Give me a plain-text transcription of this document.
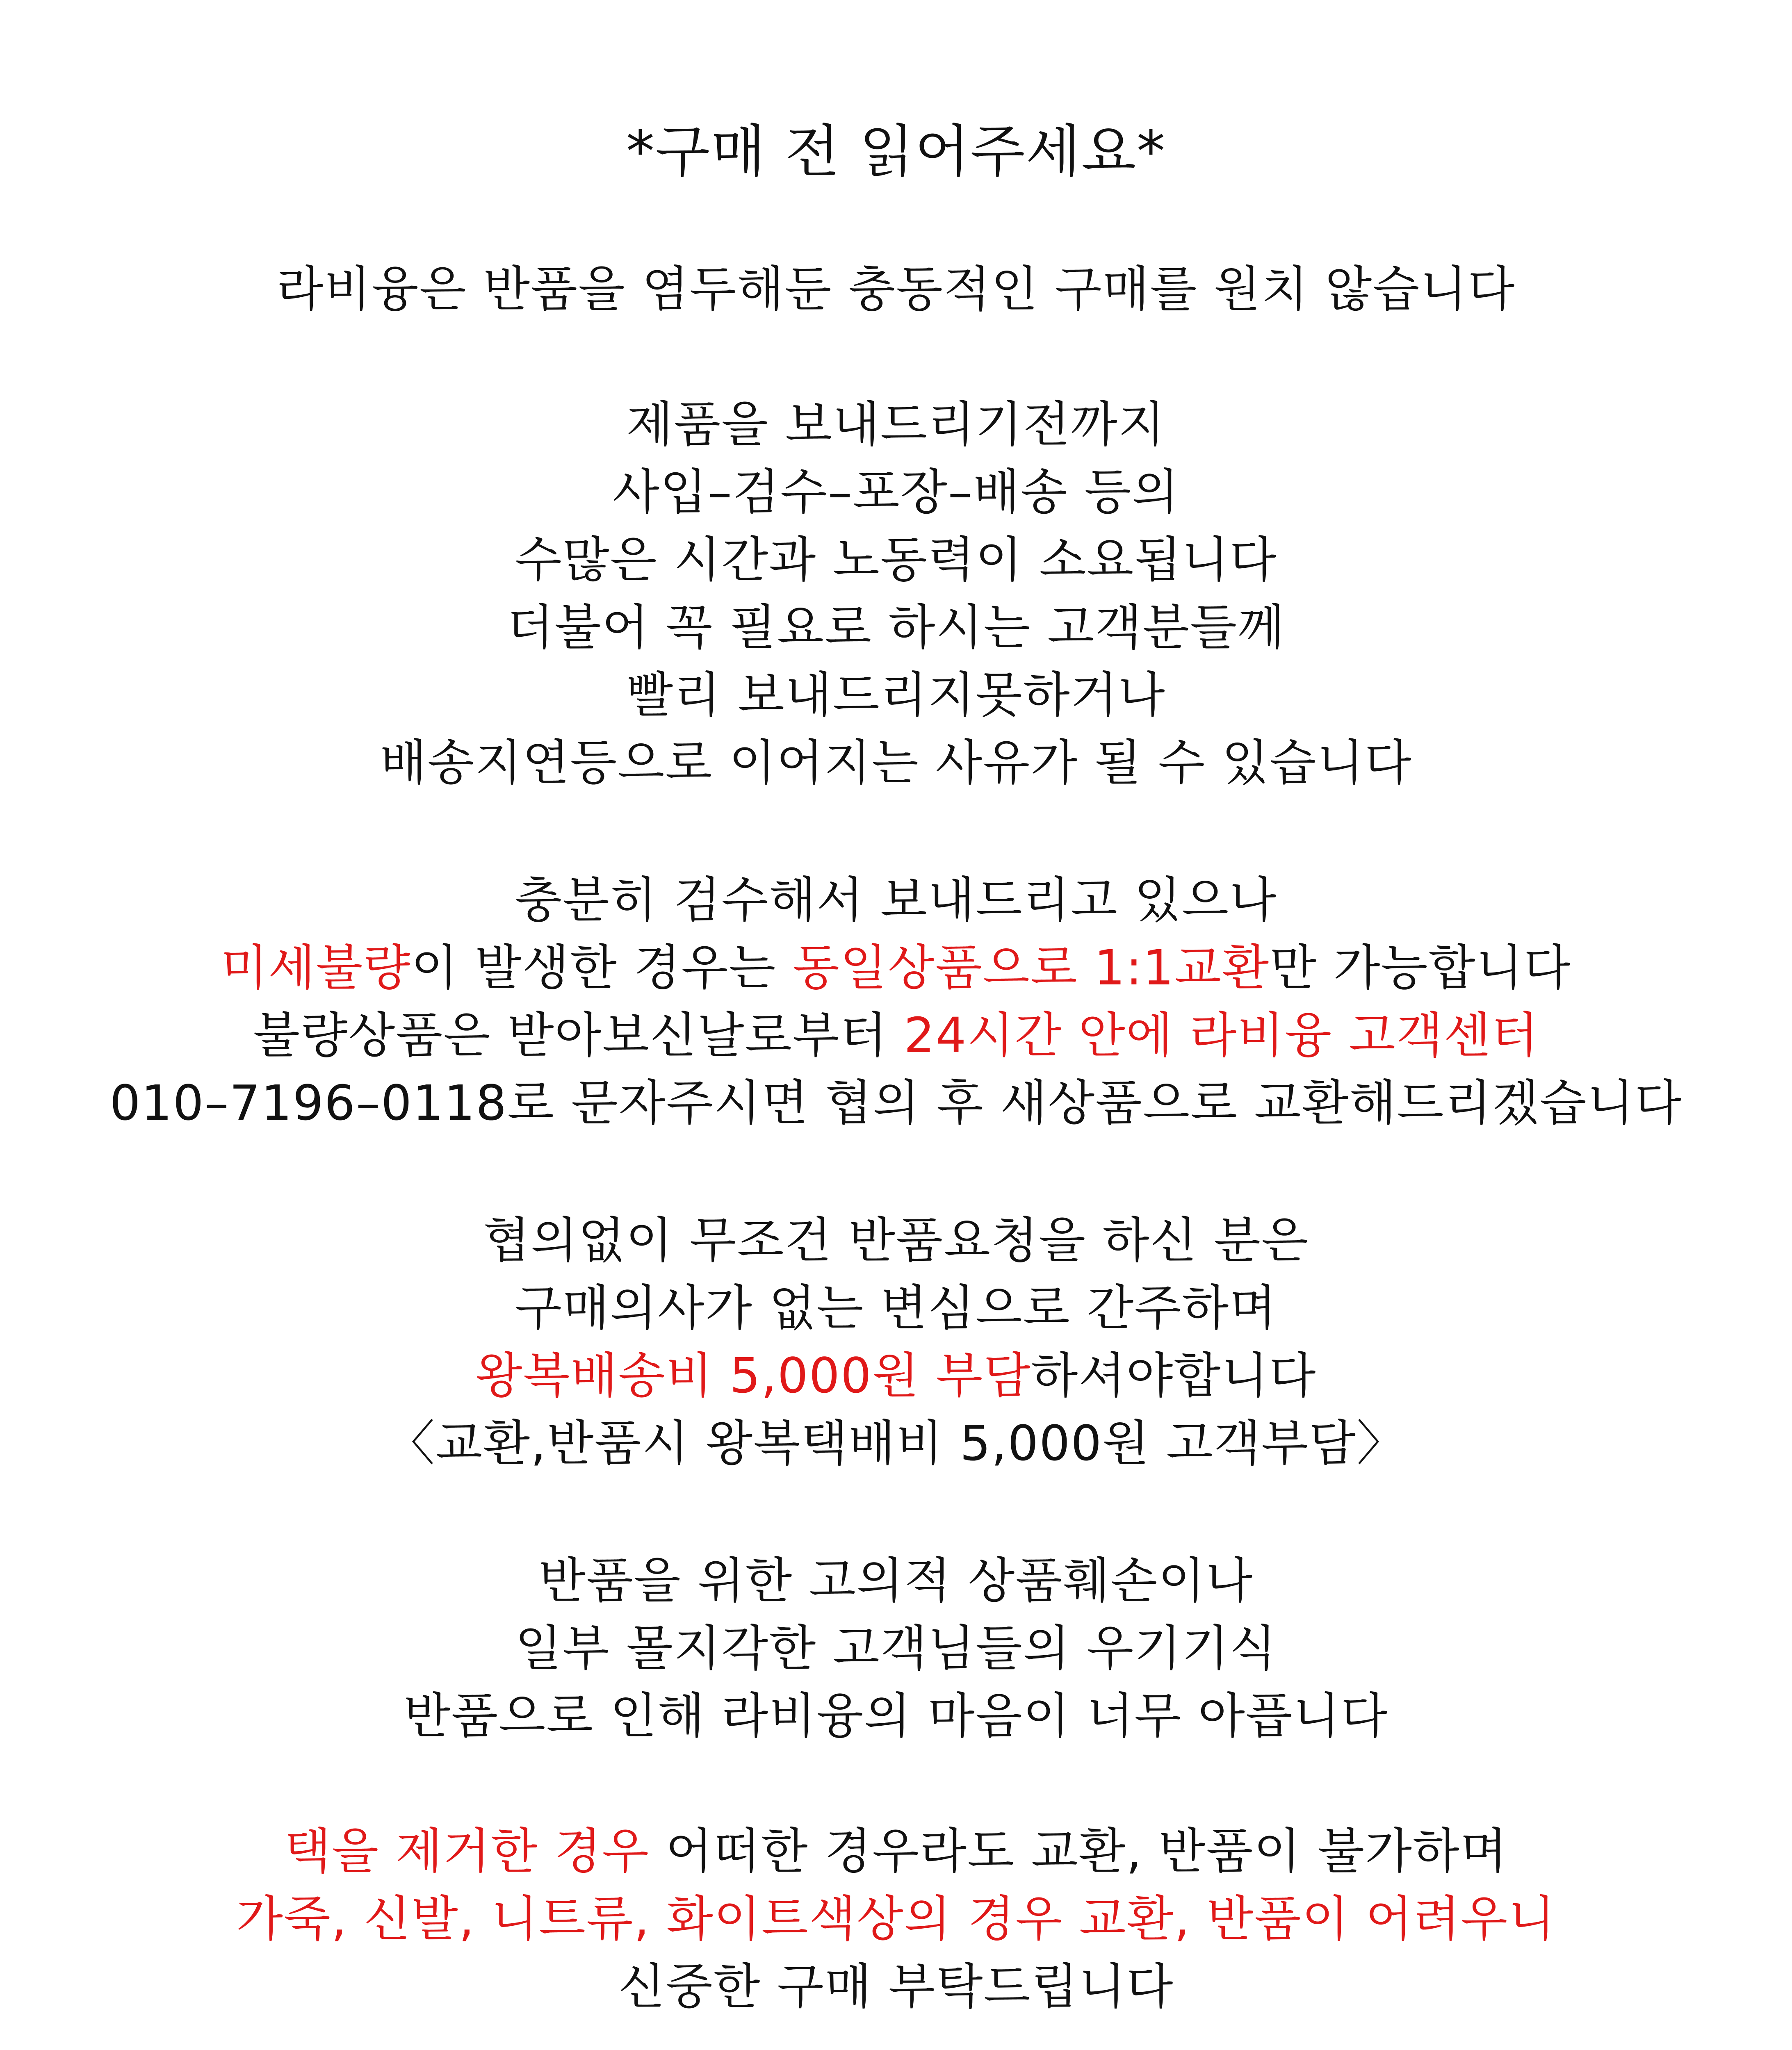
*구매 전 읽어주세요*
라비융은 반품을 염두해둔 충동적인 구매를 원치 않습니다
제품을 보내드리기전까지
사입–검수–포장–배송 등의
수많은 시간과 노동력이 소요됩니다
더불어 꼭 필요로 하시는 고객분들께
빨리 보내드리지못하거나
배송지연등으로 이어지는 사유가 될 수 있습니다
충분히 검수해서 보내드리고 있으나
미세불량이 발생한 경우는 동일상품으로 1:1교환만 가능합니다
불량상품은 받아보신날로부터 24시간 안에 라비융 고객센터
010–7196–0118로 문자주시면 협의 후 새상품으로 교환해드리겠습니다
협의없이 무조건 반품요청을 하신 분은
구매의사가 없는 변심으로 간주하며
왕복배송비 5,000원 부담하셔야합니다
〈교환,반품시 왕복택배비 5,000원 고객부담〉
반품을 위한 고의적 상품훼손이나
일부 몰지각한 고객님들의 우기기식
반품으로 인해 라비융의 마음이 너무 아픕니다
택을 제거한 경우 어떠한 경우라도 교환, 반품이 불가하며
가죽, 신발, 니트류, 화이트색상의 경우 교환, 반품이 어려우니
신중한 구매 부탁드립니다
